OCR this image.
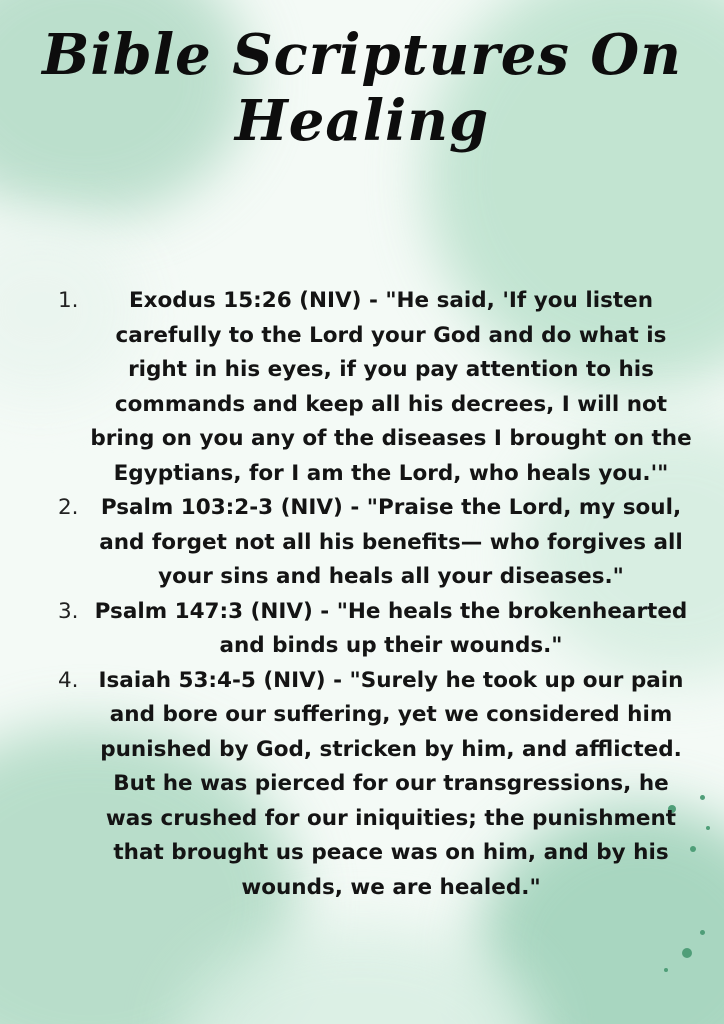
Bible Scriptures On
Healing
1. Exodus 15:26 (NIV) - "He said, 'If you listen carefully to the Lord your God and do what is right in his eyes, if you pay attention to his commands and keep all his decrees, I will not bring on you any of the diseases I brought on the Egyptians, for I am the Lord, who heals you.'"
2. Psalm 103:2-3 (NIV) - "Praise the Lord, my soul, and forget not all his benefits— who forgives all your sins and heals all your diseases."
3. Psalm 147:3 (NIV) - "He heals the brokenhearted and binds up their wounds."
4. Isaiah 53:4-5 (NIV) - "Surely he took up our pain and bore our suffering, yet we considered him punished by God, stricken by him, and afflicted. But he was pierced for our transgressions, he was crushed for our iniquities; the punishment that brought us peace was on him, and by his wounds, we are healed."
